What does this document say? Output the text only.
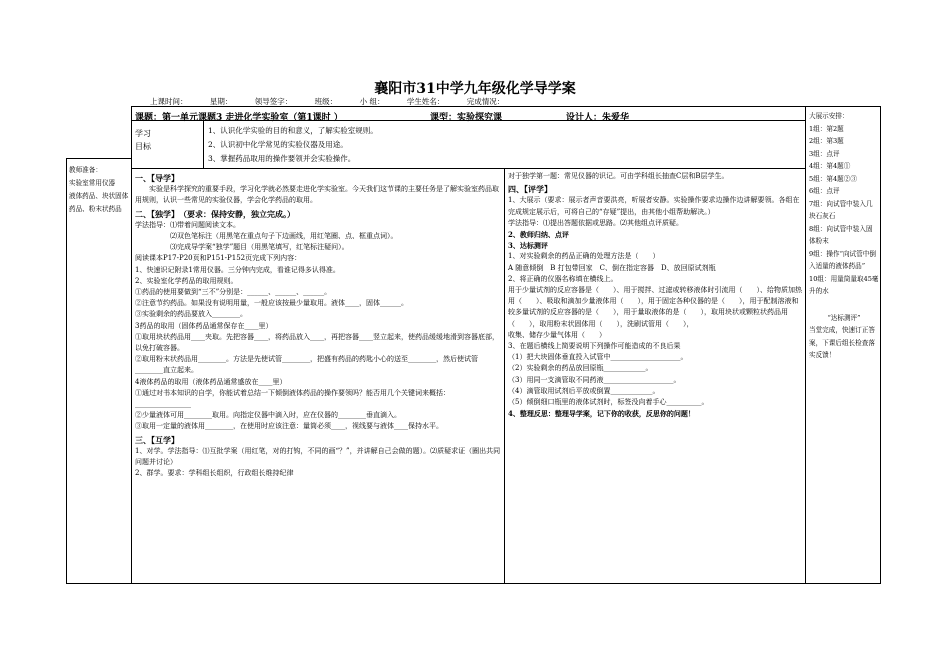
襄阳市31中学九年级化学导学案
上课时间：	星期：	领导签字：	班级：	小 组：	学生姓名：	完成情况：
课题：第一单元课题3 走进化学实验室（第1课时 ）	课型：实验探究课	设计人：朱爱华

学习

目标

1、认识化学实验的目的和意义，了解实验室规则。

2、认识初中化学常见的实验仪器及用途。

3、掌握药品取用的操作要领并会实验操作。

教师准备：

实验室常用仪器

液体药品、块状固体

药品、粉末状药品

大展示安排：

1组：第2题

2组：第3题

3组：点评

4组：第4题①

5组：第4题②③

6组：点评

7组：向试管中装入几块石灰石

8组：向试管中装入固体粉末

9组：操作“向试管中倒入适量的液体药品”

10组：用量筒量取45毫升的水

“达标测评”

当堂完成，快速订正答案，下课后组长检查落实反馈！

一、【导学】

　　实验是科学探究的重要手段，学习化学就必然要走进化学实验室。今天我们这节课的主要任务是了解实验室药品取用规则，认识一些常见的实验仪器，学会化学药品的取用。

二、【独学】　（要求：保持安静，独立完成。）

学法指导：⑴带着问题阅读文本。

　　　　　⑵双色笔标注（用黑笔在重点句子下边画线，用红笔圈、点、框重点词）。

　　　　　⑶完成导学案“独学”题目（用黑笔填写，红笔标注疑问）。

阅读课本P17-P20页和P151-P152页完成下列内容：

1、快速识记附录1常用仪器。三分钟内完成，看谁记得多认得准。

2、实验室化学药品的取用规则。

①药品的使用要做到“三不”分别是：______、______、______。

②注意节约药品。如果没有说明用量，一般应该按最少量取用。液体____，固体______。

③实验剩余的药品要放入________。

3药品的取用（固体药品通常保存在____里）

①取用块状药品用____夹取。先把容器____，将药品放入____，再把容器____竖立起来，使药品缓缓地滑到容器底部，以免打破容器。

②取用粉末状药品用________。方法是先使试管________，把盛有药品的药匙小心的送至________，然后使试管________直立起来。

4液体药品的取用（液体药品通常盛放在____里）

①通过对书本知识的自学，你能试着总结一下倾倒液体药品的操作要领吗？能否用几个关键词来概括：________________

②少量液体可用________取用。向指定仪器中滴入时，应在仪器的________垂直滴入。

③取用一定量的液体用________，在使用时应该注意：量筒必须____，视线要与液体____保持水平。

三、【互学】

1、对学。学法指导：⑴互批学案（用红笔，对的打钩，不同的画“？”，并讲解自己会做的题）。⑵质疑求证（圈出共同问题并讨论）

2、群学。要求：学科组长组织，行政组长维持纪律

对于独学第一题：常见仪器的识记。可由学科组长抽查C层和B层学生。

四、【评学】

1、大展示（要求：展示者声音要洪亮，听展者安静。实验操作要求边操作边讲解要领。各组在完成规定展示后，可将自己的“存疑”提出，由其他小组帮助解决。）

学法指导：⑴提出答题依据或思路。⑵其他组点评质疑。

2、教师归纳、点评

3、达标测评

1、对实验剩余的药品正确的处理方法是（　　）

A 随意倾倒　B 打包带回家　C、倒在指定容器　D、放回原试剂瓶

2、将正确的仪器名称填在横线上。

用于少量试剂的反应容器是（　　）、用于搅拌、过滤或转移液体时引流用（　　）、给物质加热用（　　）、吸取和滴加少量液体用（　　），用于固定各种仪器的是（　　），用于配制溶液和较多量试剂的反应容器的是（　　），用于量取液体的是（　　），取用块状或颗粒状药品用（　　），取用粉末状固体用（　　），洗刷试管用（　　），

收集、储存少量气体用（　　）

3、在题后横线上简要说明下列操作可能造成的不良后果

（1）把大块固体垂直投入试管中____________________。

（2）实验剩余的药品放回原瓶____________。

（3）用同一支滴管取不同药液____________________。

（4）滴管取用试剂后平放或倒置____________。

（5）倾倒细口瓶里的液体试剂时，标签没向着手心__________。

4、整理反思：整理导学案，记下你的收获，反思你的问题！
